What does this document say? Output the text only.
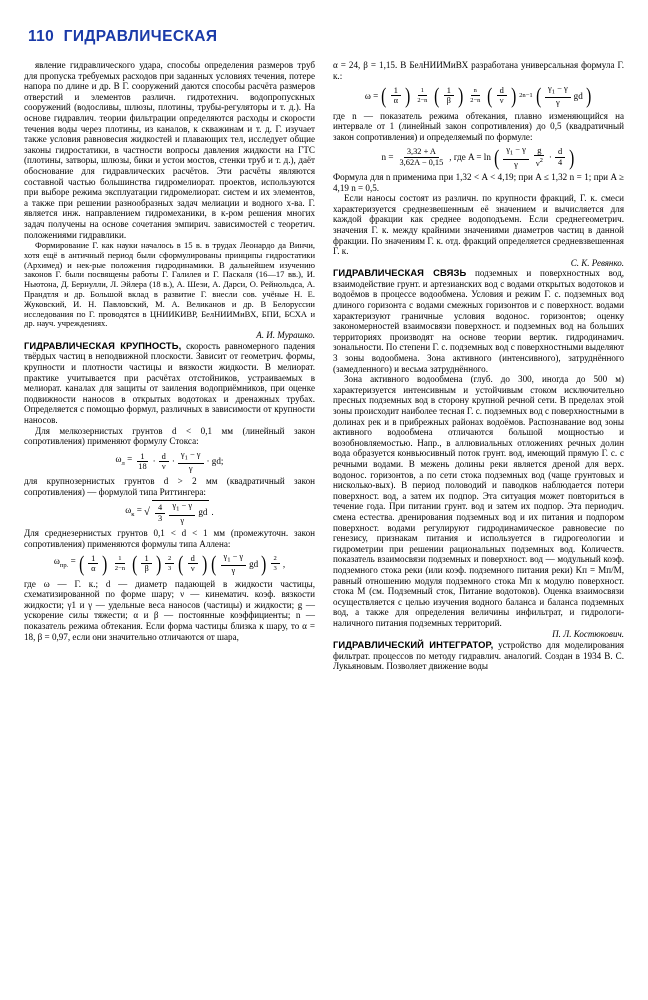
110 ГИДРАВЛИЧЕСКАЯ

явление гидравлического удара, способы определения размеров труб для пропуска требуемых расходов при заданных условиях течения, потере напора по длине и др. В Г. сооружений даются способы расчёта размеров отверстий и элементов различн. гидротехнич. водопропускных сооружений (водосливы, шлюзы, плотины, трубы-регуляторы и т. д.). На основе гидравлич. теории фильтрации определяются расходы и скорости течения воды через плотины, из каналов, к скважинам и т. д. Г. изучает также условия равновесия жидкостей и плавающих тел, исследует общие законы гидростатики, в частности вопросы давления жидкости на ГТС (плотины, затворы, шлюзы, бики и устои мостов, стенки труб и т. д.), даёт обоснование для гидравлических расчётов. Эти расчёты являются составной частью большинства гидромелиорат. проектов, используются при выборе режима эксплуатации гидромелиорат. систем и их элементов, а также при решении разнообразных задач мелиации и водного х-ва. Г. является инж. направлением гидромеханики, в к-ром решения многих задач получены на основе сочетания эмпирич. зависимостей с теоретич. положениями гидравлики.

Формирование Г. как науки началось в 15 в. в трудах Леонардо да Винчи, хотя ещё в античный период были сформулированы принципы гидростатики (Архимед) и нек-рые положения гидродинамики. В дальнейшем изучению законов Г. были посвящены работы Г. Галилея и Г. Паскаля (16—17 вв.), И. Ньютона, Д. Бернулли, Л. Эйлера (18 в.), А. Шези, А. Дарси, О. Рейнольдса, А. Прандтля и др. Большой вклад в развитие Г. внесли сов. учёные Н. Е. Жуковский, И. Н. Павловский, М. А. Великанов и др. В Белоруссии исследования по Г. проводятся в ЦНИИКИВР, БелНИИМиВХ, БПИ, БСХА и др. науч. учреждениях.

А. И. Мурашко.

ГИДРАВЛИЧЕСКАЯ КРУПНОСТЬ, скорость равномерного падения твёрдых частиц в неподвижной плоскости. Зависит от геометрич. формы, крупности и плотности частицы и вязкости жидкости. В мелиорат. практике учитывается при расчётах отстойников, устраиваемых в мелиорат. каналах для защиты от заиления водоприёмников, при оценке подвижности наносов в открытых водотоках и дренажных трубах. Определяется с помощью формул, различных в зависимости от крупности наносов.

Для мелкозернистых грунтов d < 0,1 мм (линейный закон сопротивления) применяют формулу Стокса:

$\omega_л = \frac{1}{18} \cdot \frac{d}{\nu} \cdot \frac{\gamma_1 - \gamma}{\gamma}$ · gd;

для крупнозернистых грунтов d > 2 мм (квадратичный закон сопротивления) — формулой типа Риттингера:

$\omega_к$ = √ $\frac{4}{3}$
$\frac{\gamma_1 - \gamma}{\gamma}$ gd .

Для среднезернистых грунтов 0,1 < d < 1 мм (промежуточн. закон сопротивления) применяются формулы типа Аллена:

$\omega_{пр.}$ = ( $\frac{1}{\alpha}$ ) $\frac{1}{2-n}$ ( $\frac{1}{\beta}$ ) $\frac{2}{3}$ ( $\frac{d}{\nu}$ ) ( $\frac{\gamma_1 - \gamma}{\gamma}$ gd ) $\frac{2}{3}$ ,

где ω — Г. к.; d — диаметр падающей в жидкости частицы, схематизированной по форме шару; ν — кинематич. коэф. вязкости жидкости; γ1 и γ — удельные веса наносов (частицы) и жидкости; g — ускорение силы тяжести; α и β — постоянные коэффициенты; n — показатель режима обтекания. Если форма частицы близка к шару, то α = 18, β = 0,97, если они значительно отличаются от шара,

α = 24, β = 1,15. В БелНИИМиВХ разработана универсальная формула Г. к.:

ω = ( $\frac{1}{\alpha}$ ) $\frac{1}{2-n}$ ( $\frac{1}{\beta}$ ) $\frac{n}{2-n}$ ( $\frac{d}{\nu}$ ) 2n−1 ( $\frac{\gamma_1 - \gamma}{\gamma}$ gd )

где n — показатель режима обтекания, плавно изменяющийся на интервале от 1 (линейный закон сопротивления) до 0,5 (квадратичный закон сопротивления) и определяемый по формуле:

$n = \frac{3,32 + A}{3,62A - 0,15}$ , где A = ln ( $\frac{\gamma_1 - \gamma}{\gamma} \frac{g}{\nu^2} \cdot \frac{d}{4}$ )

Формула для n применима при 1,32 < A < 4,19; при A ≤ 1,32 n = 1; при A ≥ 4,19 n = 0,5.

Если наносы состоят из различн. по крупности фракций, Г. к. смеси характеризуется среднезвешенным её значением и вычисляется для каждой фракции как среднее водоподъемн. Если среднегеометрич. значения Г. к. между крайними значениями диаметров частиц в данной фракции. По значениям Г. к. отд. фракций определяется средневзвешенная Г. к.

С. К. Ревянко.

ГИДРАВЛИЧЕСКАЯ СВЯЗЬ подземных и поверхностных вод, взаимодействие грунт. и артезианских вод с водами открытых водотоков и водоёмов в процессе водообмена. Условия и режим Г. с. подземных вод длиного горизонта с водами смежных горизонтов и с поверхност. водами характеризуют граничные условия водонос. горизонтов; оценку закономерностей взаимосвязи поверхност. и подземных вод на больших территориях производят на основе теории вертик. гидродинамич. зональности. По степени Г. с. подземных вод с поверхностными выделяют 3 зоны водообмена. Зона активного (интенсивного), затруднённого (замедленного) и весьма затруднённого.

Зона активного водообмена (глуб. до 300, иногда до 500 м) характеризуется интенсивным и устойчивым стоком исключительно пресных подземных вод в сторону крупной речной сети. В пределах этой зоны происходит наиболее тесная Г. с. подземных вод с поверхностными в долинах рек и в прибрежных районах водоёмов. Распознавание вод зоны активного водообмена отличаются большой мощностью и возобновляемостью. Напр., в аллювиальных отложениях речных долин вода образуется конвьюсивный поток грунт. вод, имеющий прямую Г. с. с речными водами. В межень долины реки является дреной для верх. водонос. горизонтов, а по сети стока подземных вод (чаще грунтовых и нисколько-вых). В период половодий и паводков наблюдается потери поверхност. вод, а затем их подпор. Эта ситуация может повториться в течение года. При питании грунт. вод и затем их подпор. Эта периодич. смена естества. дренирования подземных вод и их питания и подпором поверхност. водами регулируют гидродинамическое равновесие по генезису, признакам питания и используется в гидрогеологии и гидрометрии при решении рациональных подземных вод. Количеств. показатель взаимосвязи подземных и поверхност. вод — модульный коэф. подземного стока реки (или коэф. подземного питания реки) Kп = Mп/M, равный отношению модуля подземного стока Mп к модулю поверхност. стока M (см. Подземный сток, Питание водотоков). Оценка взаимосвязи осуществляется с целью изучения водного баланса и баланса подземных вод, а также для определения величины инфильтрат, и гидрологи-наличного питания подземных территорий.

П. Л. Костюкович.

ГИДРАВЛИЧЕСКИЙ ИНТЕГРАТОР, устройство для моделирования фильтрат. процессов по методу гидравлич. аналогий. Создан в 1934 В. С. Лукьяновым. Позволяет движение воды
